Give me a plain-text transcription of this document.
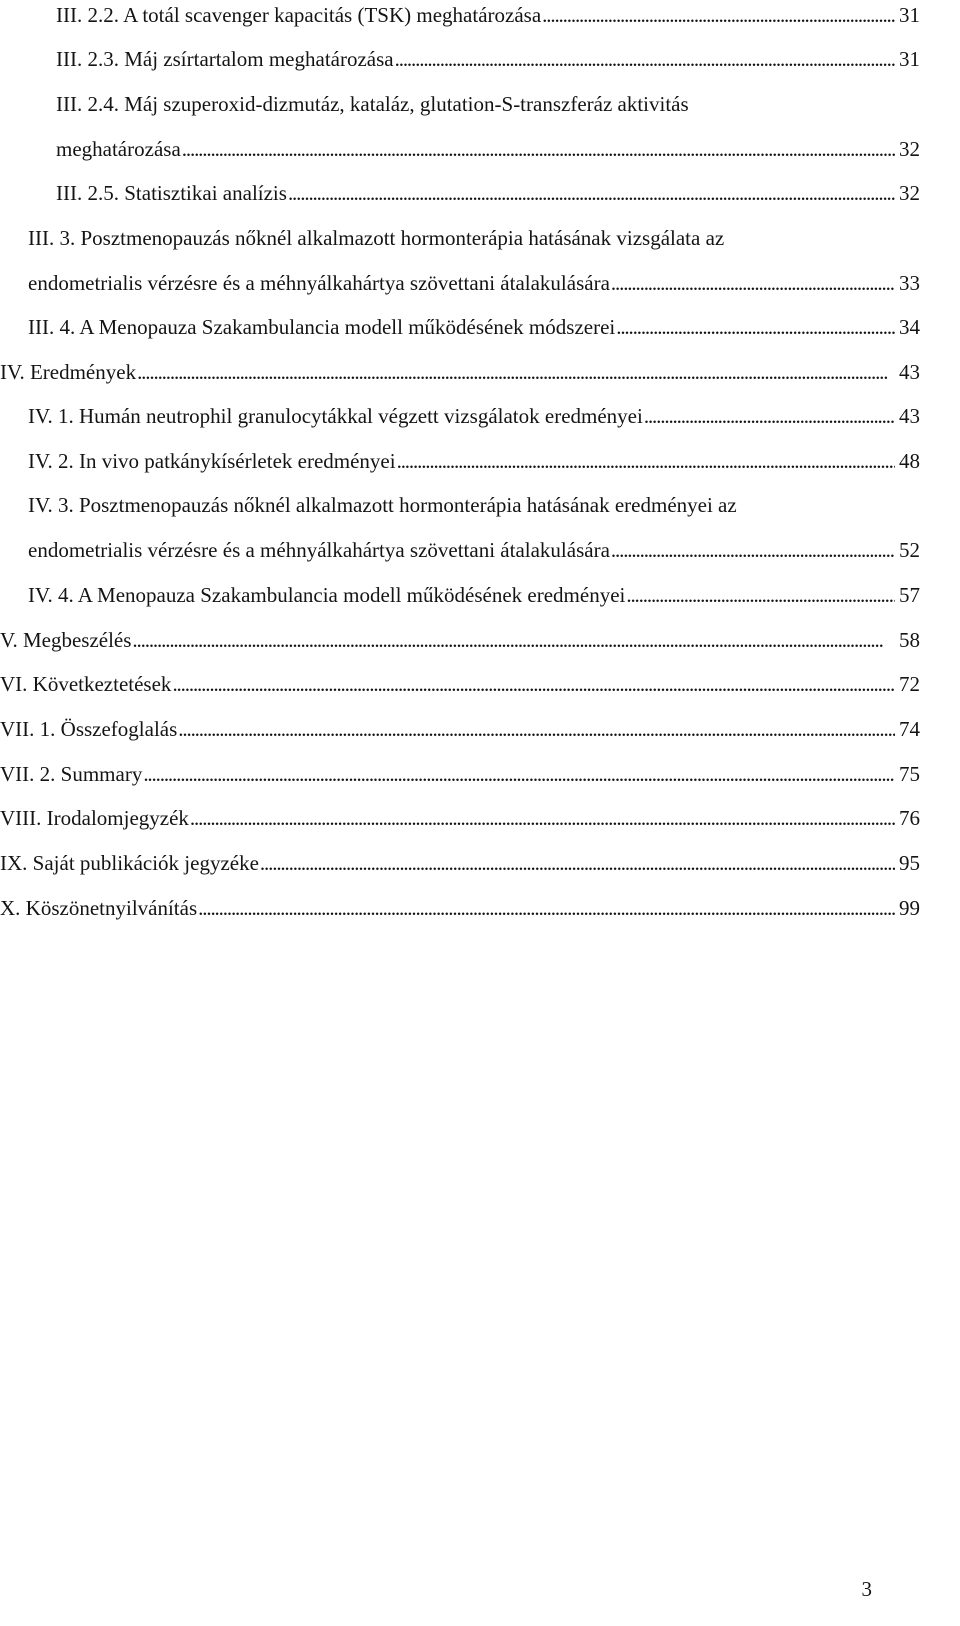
III. 2.2. A totál scavenger kapacitás (TSK) meghatározása . . .	31
III. 2.3. Máj zsírtartalom meghatározása . . .	31
III. 2.4. Máj szuperoxid-dizmutáz, kataláz, glutation-S-transzferáz aktivitás
meghatározása . . .	32
III. 2.5. Statisztikai analízis . . .	32
III. 3. Posztmenopauzás nőknél alkalmazott hormonterápia hatásának vizsgálata az
endometrialis vérzésre és a méhnyálkahártya szövettani átalakulására . . .	33
III. 4. A Menopauza Szakambulancia modell működésének módszerei . . .	34
IV. Eredmények . . .	43
IV. 1. Humán neutrophil granulocytákkal végzett vizsgálatok eredményei . . .	43
IV. 2. In vivo patkánykísérletek eredményei . . .	48
IV. 3. Posztmenopauzás nőknél alkalmazott hormonterápia hatásának eredményei az
endometrialis vérzésre és a méhnyálkahártya szövettani átalakulására . . .	52
IV. 4. A Menopauza Szakambulancia modell működésének eredményei . . .	57
V. Megbeszélés . . .	58
VI. Következtetések . . .	72
VII. 1. Összefoglalás . . .	74
VII. 2. Summary . . .	75
VIII. Irodalomjegyzék . . .	76
IX. Saját publikációk jegyzéke . . .	95
X. Köszönetnyilvánítás . . .	99
3
